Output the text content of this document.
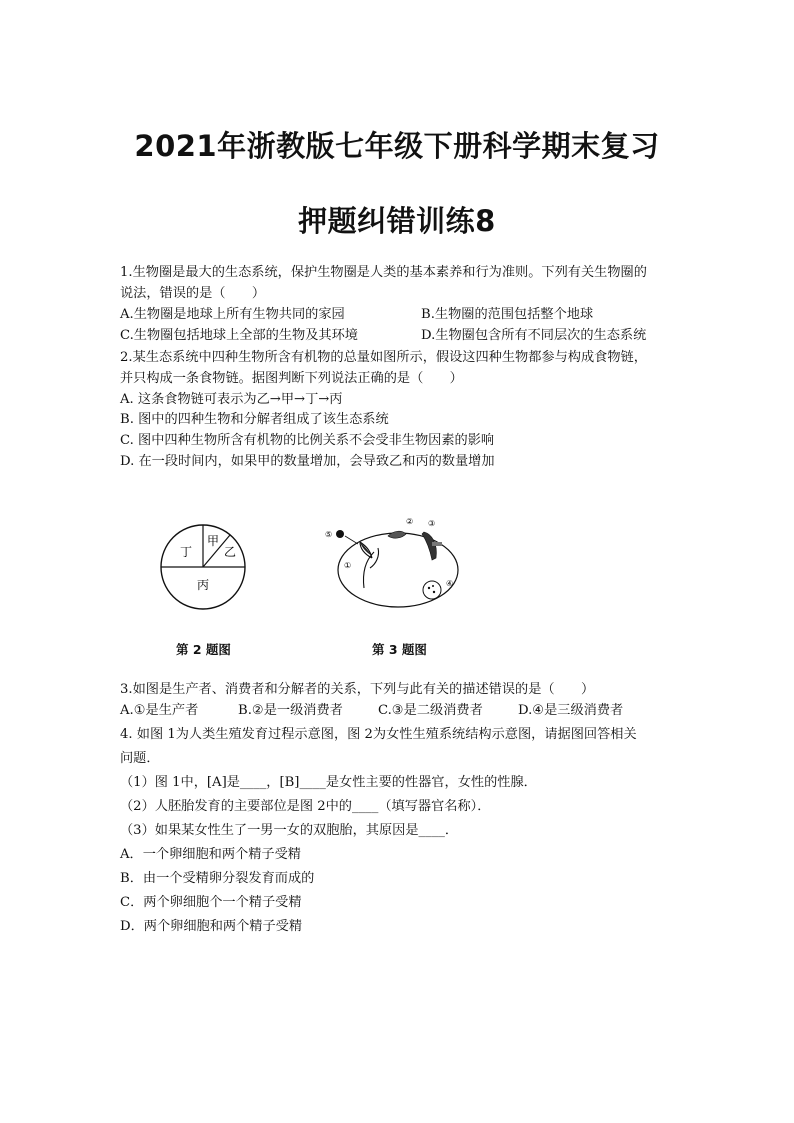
2021年浙教版七年级下册科学期末复习
押题纠错训练8
1.生物圈是最大的生态系统，保护生物圈是人类的基本素养和行为准则。下列有关生物圈的
说法，错误的是（　　）
A.生物圈是地球上所有生物共同的家园	B.生物圈的范围包括整个地球
C.生物圈包括地球上全部的生物及其环境	D.生物圈包含所有不同层次的生态系统
2.某生态系统中四种生物所含有机物的总量如图所示，假设这四种生物都参与构成食物链，
并只构成一条食物链。据图判断下列说法正确的是（　　）
A. 这条食物链可表示为乙→甲→丁→丙
B. 图中的四种生物和分解者组成了该生态系统
C. 图中四种生物所含有机物的比例关系不会受非生物因素的影响
D. 在一段时间内，如果甲的数量增加，会导致乙和丙的数量增加
丁
甲
乙
丙
①
② ③
④
⑤
第 2 题图	第 3 题图
3.如图是生产者、消费者和分解者的关系，下列与此有关的描述错误的是（　　）
A.①是生产者	B.②是一级消费者	C.③是二级消费者	D.④是三级消费者
4. 如图 1为人类生殖发育过程示意图，图 2为女性生殖系统结构示意图，请据图回答相关
问题．
（1）图 1中，[A]是____，[B]____是女性主要的性器官，女性的性腺．
（2）人胚胎发育的主要部位是图 2中的____（填写器官名称）．
（3）如果某女性生了一男一女的双胞胎，其原因是____．
A．一个卵细胞和两个精子受精
B．由一个受精卵分裂发育而成的
C．两个卵细胞个一个精子受精
D．两个卵细胞和两个精子受精
